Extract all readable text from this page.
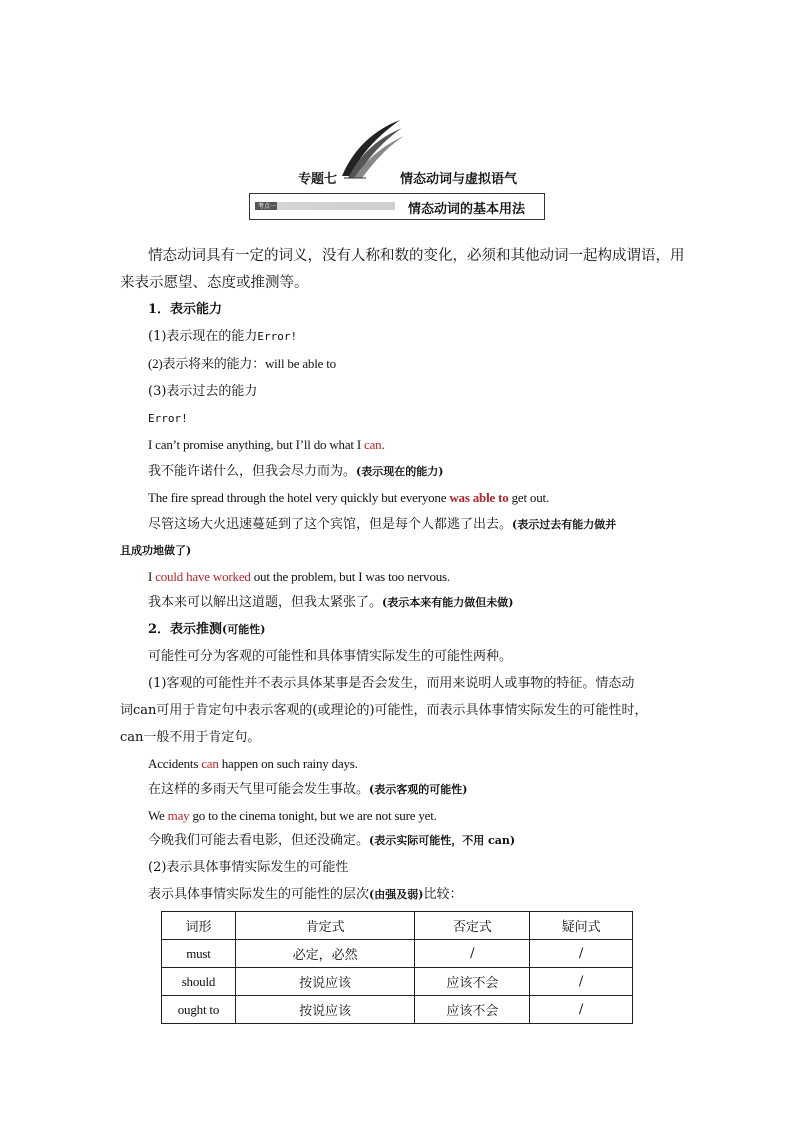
专题七	情态动词与虚拟语气
考点一	情态动词的基本用法
情态动词具有一定的词义，没有人称和数的变化，必须和其他动词一起构成谓语，用
来表示愿望、态度或推测等。
1．表示能力
(1)表示现在的能力Error!
(2)表示将来的能力：will be able to
(3)表示过去的能力
Error!
I can’t promise anything, but I’ll do what I can.
我不能许诺什么，但我会尽力而为。(表示现在的能力)
The fire spread through the hotel very quickly but everyone was able to get out.
尽管这场大火迅速蔓延到了这个宾馆，但是每个人都逃了出去。(表示过去有能力做并
且成功地做了)
I could have worked out the problem, but I was too nervous.
我本来可以解出这道题，但我太紧张了。(表示本来有能力做但未做)
2．表示推测(可能性)
可能性可分为客观的可能性和具体事情实际发生的可能性两种。
(1)客观的可能性并不表示具体某事是否会发生，而用来说明人或事物的特征。情态动
词can可用于肯定句中表示客观的(或理论的)可能性，而表示具体事情实际发生的可能性时，
can一般不用于肯定句。
Accidents can happen on such rainy days.
在这样的多雨天气里可能会发生事故。(表示客观的可能性)
We may go to the cinema tonight, but we are not sure yet.
今晚我们可能去看电影，但还没确定。(表示实际可能性，不用 can)
(2)表示具体事情实际发生的可能性
表示具体事情实际发生的可能性的层次(由强及弱)比较：
词形	肯定式	否定式	疑问式
must	必定，必然	/	/
should	按说应该	应该不会	/
ought to	按说应该	应该不会	/
